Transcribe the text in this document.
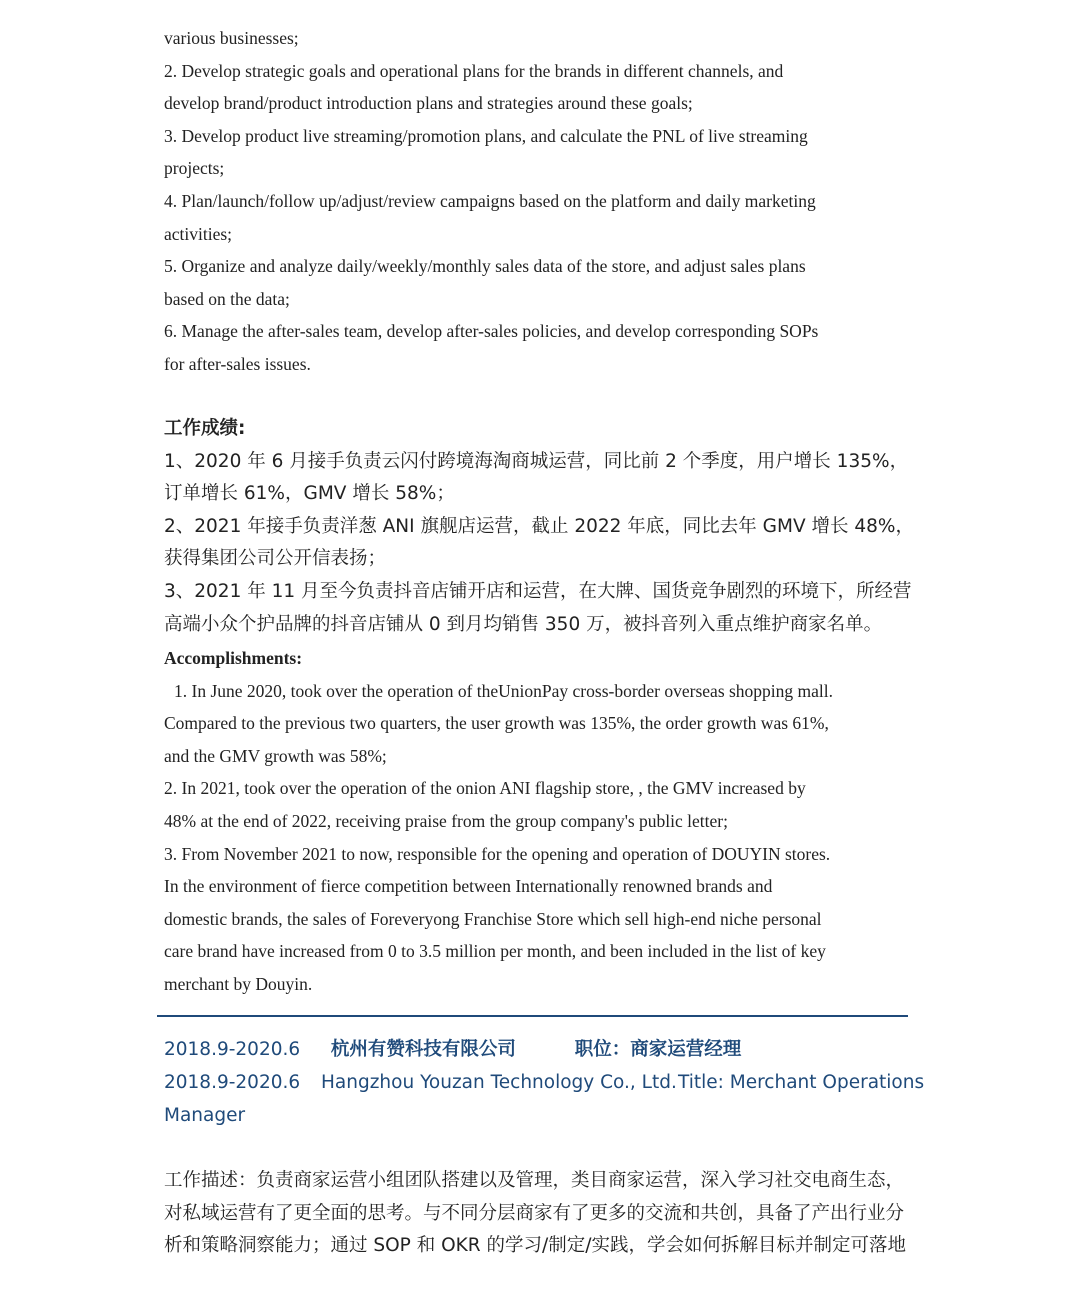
various businesses;
2. Develop strategic goals and operational plans for the brands in different channels, and
develop brand/product introduction plans and strategies around these goals;
3. Develop product live streaming/promotion plans, and calculate the PNL of live streaming
projects;
4. Plan/launch/follow up/adjust/review campaigns based on the platform and daily marketing
activities;
5. Organize and analyze daily/weekly/monthly sales data of the store, and adjust sales plans
based on the data;
6. Manage the after-sales team, develop after-sales policies, and develop corresponding SOPs
for after-sales issues.
工作成绩:
1、2020 年 6 月接手负责云闪付跨境海淘商城运营，同比前 2 个季度，用户增长 135%，
订单增长 61%，GMV 增长 58%；
2、2021 年接手负责洋葱 ANI 旗舰店运营，截止 2022 年底，同比去年 GMV 增长 48%，
获得集团公司公开信表扬；
3、2021 年 11 月至今负责抖音店铺开店和运营，在大牌、国货竞争剧烈的环境下，所经营
高端小众个护品牌的抖音店铺从 0 到月均销售 350 万，被抖音列入重点维护商家名单。
Accomplishments:
1. In June 2020, took over the operation of theUnionPay cross-border overseas shopping mall.
Compared to the previous two quarters, the user growth was 135%, the order growth was 61%,
and the GMV growth was 58%;
2. In 2021, took over the operation of the onion ANI flagship store, , the GMV increased by
48% at the end of 2022, receiving praise from the group company's public letter;
3. From November 2021 to now, responsible for the opening and operation of DOUYIN stores.
In the environment of fierce competition between Internationally renowned brands and
domestic brands, the sales of Foreveryong Franchise Store which sell high-end niche personal
care brand have increased from 0 to 3.5 million per month, and been included in the list of key
merchant by Douyin.
2018.9-2020.6 杭州有赞科技有限公司	职位：商家运营经理
2018.9-2020.6 Hangzhou Youzan Technology Co., Ltd.Title: Merchant Operations
Manager
工作描述：负责商家运营小组团队搭建以及管理，类目商家运营，深入学习社交电商生态，
对私域运营有了更全面的思考。与不同分层商家有了更多的交流和共创，具备了产出行业分
析和策略洞察能力；通过 SOP 和 OKR 的学习/制定/实践，学会如何拆解目标并制定可落地
